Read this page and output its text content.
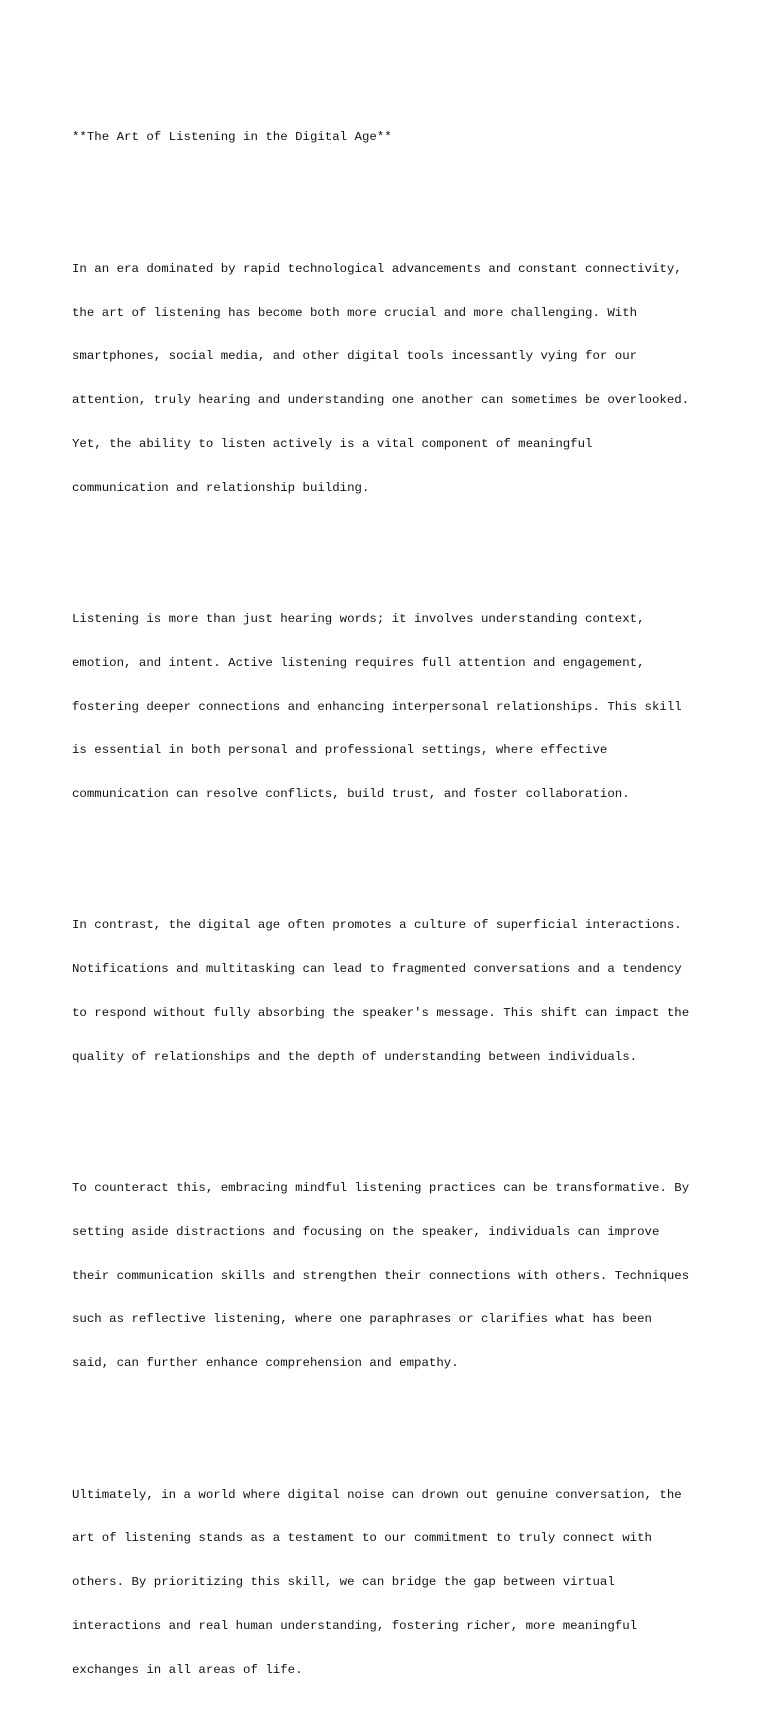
**The Art of Listening in the Digital Age**

In an era dominated by rapid technological advancements and constant connectivity,

the art of listening has become both more crucial and more challenging. With

smartphones, social media, and other digital tools incessantly vying for our

attention, truly hearing and understanding one another can sometimes be overlooked.

Yet, the ability to listen actively is a vital component of meaningful

communication and relationship building.

Listening is more than just hearing words; it involves understanding context,

emotion, and intent. Active listening requires full attention and engagement,

fostering deeper connections and enhancing interpersonal relationships. This skill

is essential in both personal and professional settings, where effective

communication can resolve conflicts, build trust, and foster collaboration.

In contrast, the digital age often promotes a culture of superficial interactions.

Notifications and multitasking can lead to fragmented conversations and a tendency

to respond without fully absorbing the speaker's message. This shift can impact the

quality of relationships and the depth of understanding between individuals.

To counteract this, embracing mindful listening practices can be transformative. By

setting aside distractions and focusing on the speaker, individuals can improve

their communication skills and strengthen their connections with others. Techniques

such as reflective listening, where one paraphrases or clarifies what has been

said, can further enhance comprehension and empathy.

Ultimately, in a world where digital noise can drown out genuine conversation, the

art of listening stands as a testament to our commitment to truly connect with

others. By prioritizing this skill, we can bridge the gap between virtual

interactions and real human understanding, fostering richer, more meaningful

exchanges in all areas of life.
